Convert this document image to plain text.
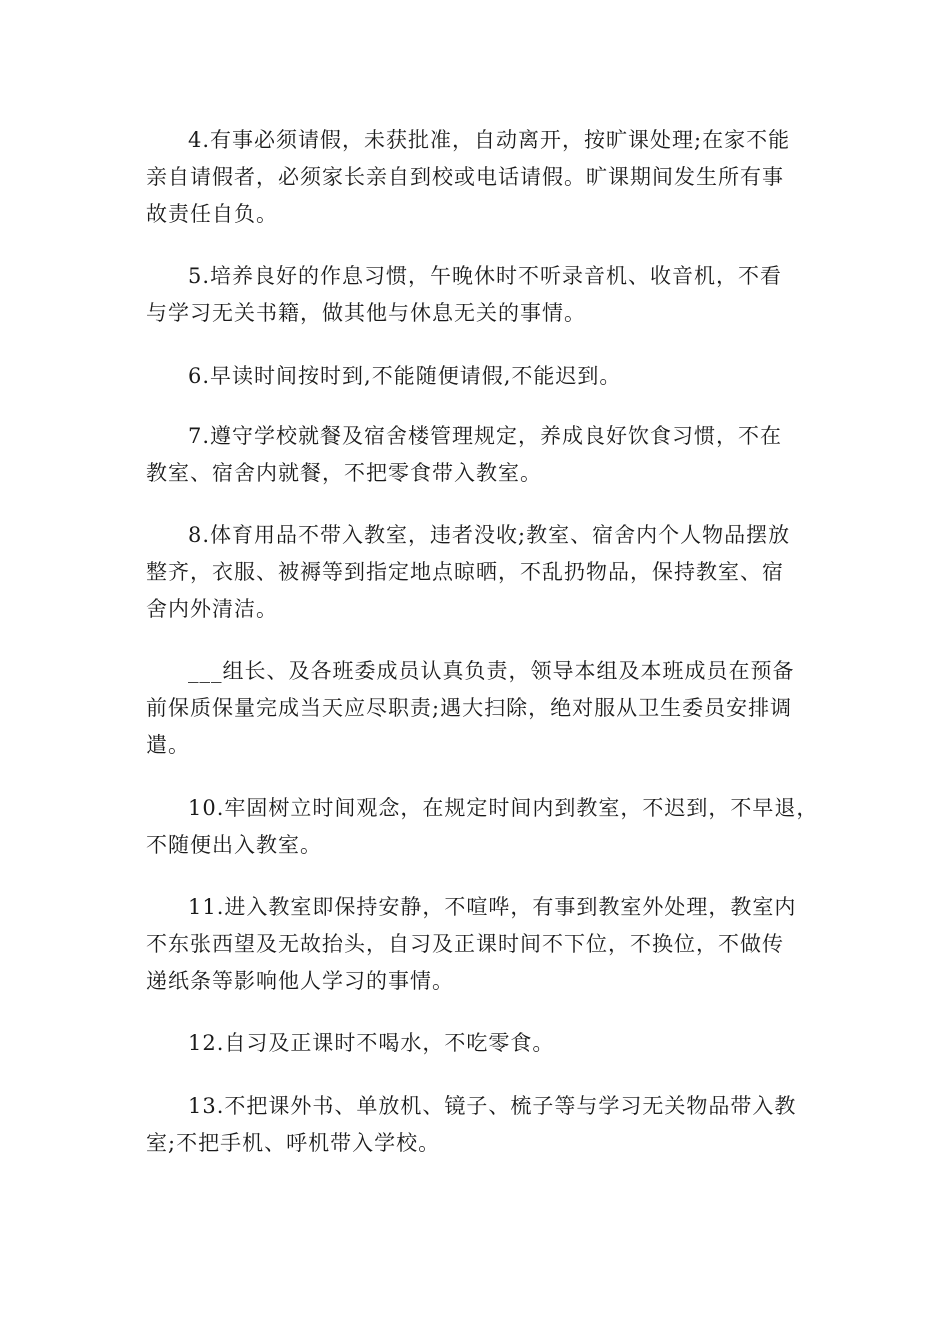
4.有事必须请假，未获批准，自动离开，按旷课处理;在家不能
亲自请假者，必须家长亲自到校或电话请假。旷课期间发生所有事
故责任自负。
5.培养良好的作息习惯，午晚休时不听录音机、收音机，不看
与学习无关书籍，做其他与休息无关的事情。
6.早读时间按时到,不能随便请假,不能迟到。
7.遵守学校就餐及宿舍楼管理规定，养成良好饮食习惯，不在
教室、宿舍内就餐，不把零食带入教室。
8.体育用品不带入教室，违者没收;教室、宿舍内个人物品摆放
整齐，衣服、被褥等到指定地点晾晒，不乱扔物品，保持教室、宿
舍内外清洁。
___组长、及各班委成员认真负责，领导本组及本班成员在预备
前保质保量完成当天应尽职责;遇大扫除，绝对服从卫生委员安排调
遣。
10.牢固树立时间观念，在规定时间内到教室，不迟到，不早退，
不随便出入教室。
11.进入教室即保持安静，不喧哗，有事到教室外处理，教室内
不东张西望及无故抬头，自习及正课时间不下位，不换位，不做传
递纸条等影响他人学习的事情。
12.自习及正课时不喝水，不吃零食。
13.不把课外书、单放机、镜子、梳子等与学习无关物品带入教
室;不把手机、呼机带入学校。
